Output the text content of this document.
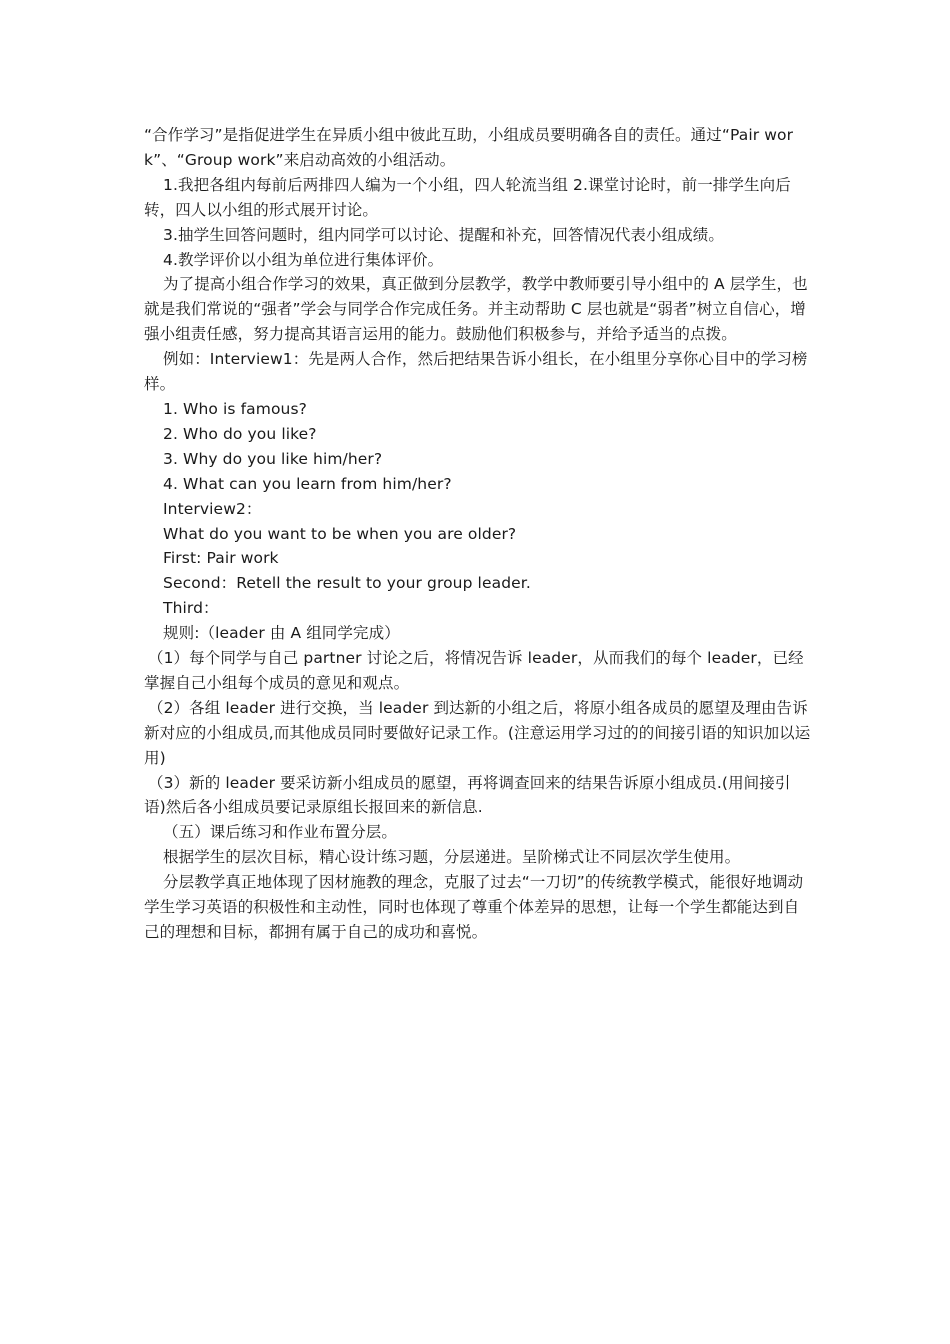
“合作学习”是指促进学生在异质小组中彼此互助，小组成员要明确各自的责任。通过“Pair work”、“Group work”来启动高效的小组活动。

1.我把各组内每前后两排四人编为一个小组，四人轮流当组 2.课堂讨论时，前一排学生向后转，四人以小组的形式展开讨论。

3.抽学生回答问题时，组内同学可以讨论、提醒和补充，回答情况代表小组成绩。

4.教学评价以小组为单位进行集体评价。

为了提高小组合作学习的效果，真正做到分层教学，教学中教师要引导小组中的 A 层学生，也就是我们常说的“强者”学会与同学合作完成任务。并主动帮助 C 层也就是“弱者”树立自信心，增强小组责任感，努力提高其语言运用的能力。鼓励他们积极参与，并给予适当的点拨。

例如：Interview1：先是两人合作，然后把结果告诉小组长，在小组里分享你心目中的学习榜样。

1. Who is famous?

2. Who do you like?

3. Why do you like him/her?

4. What can you learn from him/her?

Interview2：

What do you want to be when you are older?

First: Pair work

Second：Retell the result to your group leader.

Third：

规则:（leader 由 A 组同学完成）

（1）每个同学与自己 partner 讨论之后，将情况告诉 leader，从而我们的每个 leader，已经掌握自己小组每个成员的意见和观点。

（2）各组 leader 进行交换，当 leader 到达新的小组之后，将原小组各成员的愿望及理由告诉新对应的小组成员,而其他成员同时要做好记录工作。(注意运用学习过的的间接引语的知识加以运用)

（3）新的 leader 要采访新小组成员的愿望，再将调查回来的结果告诉原小组成员.(用间接引语)然后各小组成员要记录原组长报回来的新信息.

（五）课后练习和作业布置分层。

根据学生的层次目标，精心设计练习题，分层递进。呈阶梯式让不同层次学生使用。

分层教学真正地体现了因材施教的理念，克服了过去“一刀切”的传统教学模式，能很好地调动学生学习英语的积极性和主动性，同时也体现了尊重个体差异的思想，让每一个学生都能达到自己的理想和目标，都拥有属于自己的成功和喜悦。
